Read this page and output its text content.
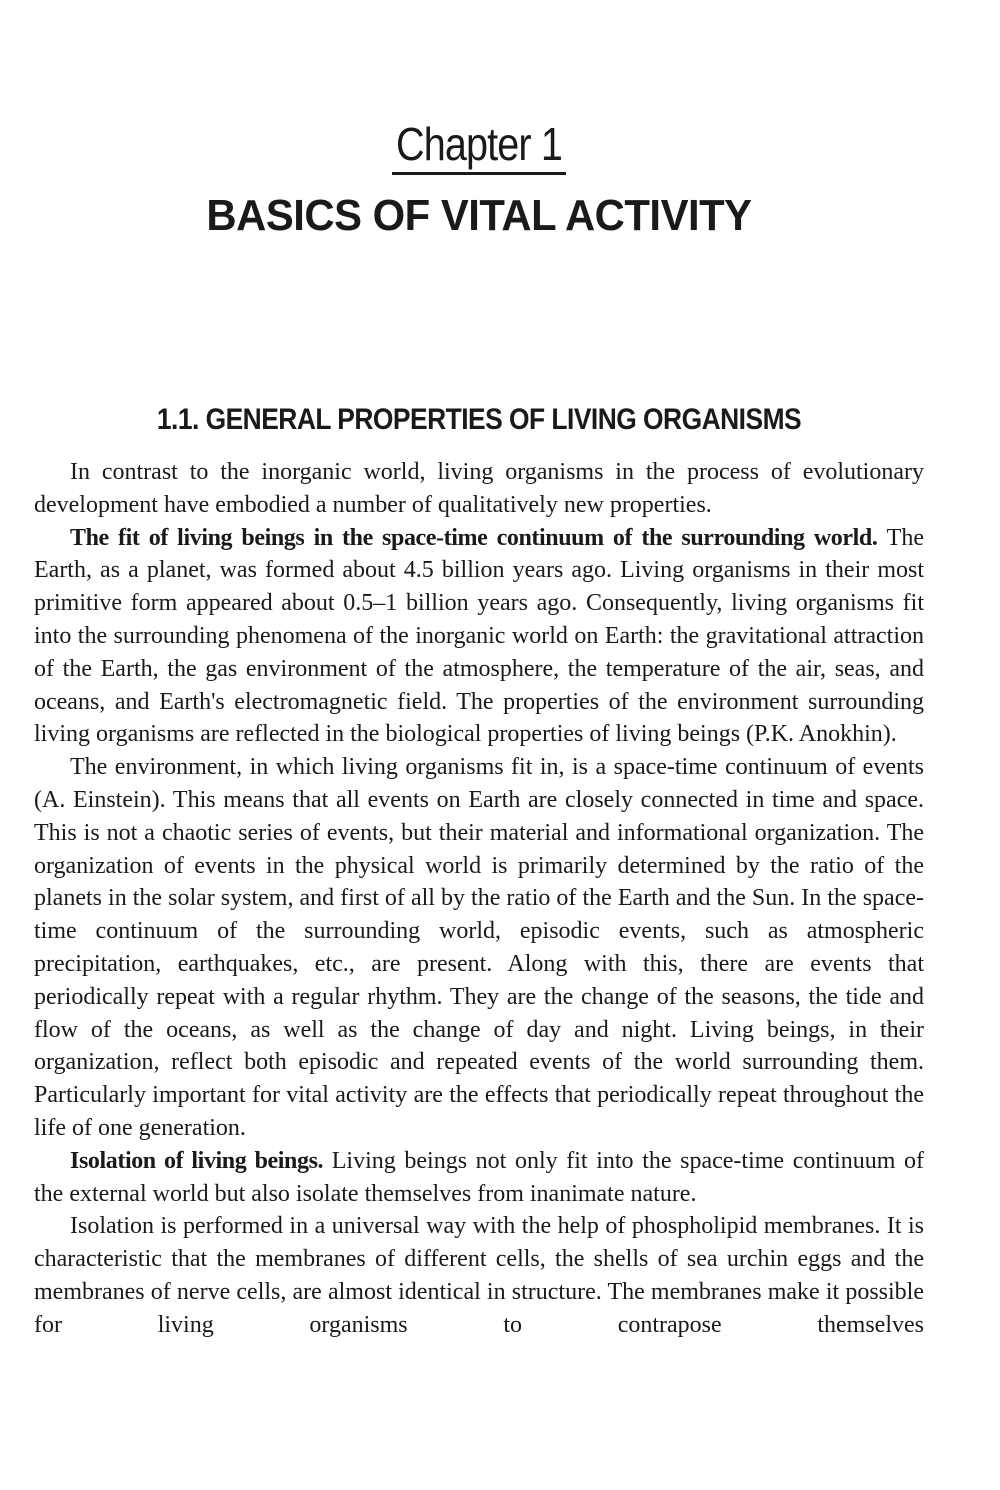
Chapter 1
BASICS OF VITAL ACTIVITY
1.1. GENERAL PROPERTIES OF LIVING ORGANISMS

In contrast to the inorganic world, living organisms in the process of evolutionary development have embodied a number of qualitatively new properties.

The fit of living beings in the space-time continuum of the surrounding world. The Earth, as a planet, was formed about 4.5 billion years ago. Living organisms in their most primitive form appeared about 0.5–1 billion years ago. Consequently, living organisms fit into the surrounding phenomena of the inorganic world on Earth: the gravitational attraction of the Earth, the gas environment of the atmosphere, the temperature of the air, seas, and oceans, and Earth's electromagnetic field. The properties of the environment surrounding living organisms are reflected in the biological properties of living beings (P.K. Anokhin).

The environment, in which living organisms fit in, is a space-time continuum of events (A. Einstein). This means that all events on Earth are closely connected in time and space. This is not a chaotic series of events, but their material and informational organization. The organization of events in the physical world is primarily determined by the ratio of the planets in the solar system, and first of all by the ratio of the Earth and the Sun. In the space-time continuum of the surrounding world, episodic events, such as atmospheric precipitation, earthquakes, etc., are present. Along with this, there are events that periodically repeat with a regular rhythm. They are the change of the seasons, the tide and flow of the oceans, as well as the change of day and night. Living beings, in their organization, reflect both episodic and repeated events of the world surrounding them. Particularly important for vital activity are the effects that periodically repeat throughout the life of one generation.

Isolation of living beings. Living beings not only fit into the space-time continuum of the external world but also isolate themselves from inanimate nature.

Isolation is performed in a universal way with the help of phospholipid membranes. It is characteristic that the membranes of different cells, the shells of sea urchin eggs and the membranes of nerve cells, are almost identical in structure. The membranes make it possible for living organisms to contrapose themselves
